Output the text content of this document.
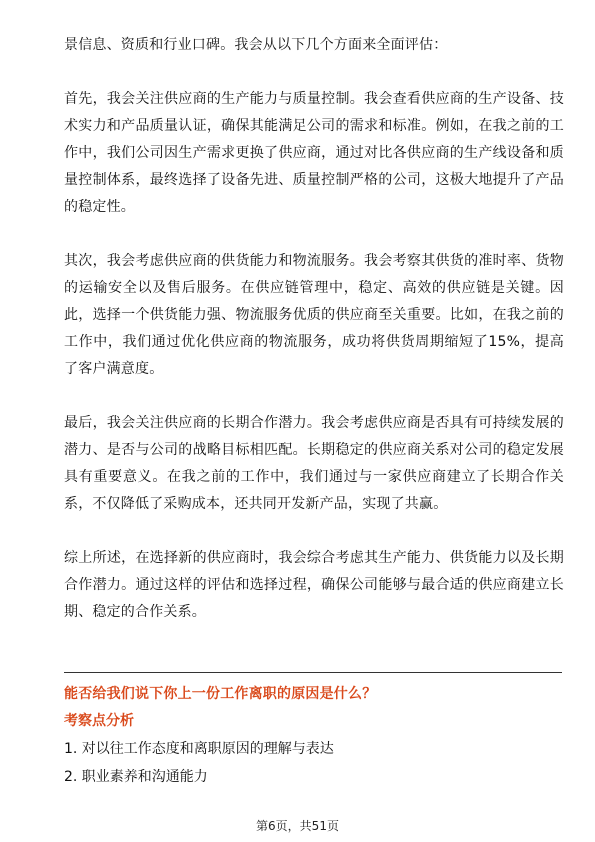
景信息、资质和行业口碑。我会从以下几个方面来全面评估：

首先，我会关注供应商的生产能力与质量控制。我会查看供应商的生产设备、技术实力和产品质量认证，确保其能满足公司的需求和标准。例如，在我之前的工作中，我们公司因生产需求更换了供应商，通过对比各供应商的生产线设备和质量控制体系，最终选择了设备先进、质量控制严格的公司，这极大地提升了产品的稳定性。

其次，我会考虑供应商的供货能力和物流服务。我会考察其供货的准时率、货物的运输安全以及售后服务。在供应链管理中，稳定、高效的供应链是关键。因此，选择一个供货能力强、物流服务优质的供应商至关重要。比如，在我之前的工作中，我们通过优化供应商的物流服务，成功将供货周期缩短了15%，提高了客户满意度。

最后，我会关注供应商的长期合作潜力。我会考虑供应商是否具有可持续发展的潜力、是否与公司的战略目标相匹配。长期稳定的供应商关系对公司的稳定发展具有重要意义。在我之前的工作中，我们通过与一家供应商建立了长期合作关系，不仅降低了采购成本，还共同开发新产品，实现了共赢。

综上所述，在选择新的供应商时，我会综合考虑其生产能力、供货能力以及长期合作潜力。通过这样的评估和选择过程，确保公司能够与最合适的供应商建立长期、稳定的合作关系。

能否给我们说下你上一份工作离职的原因是什么？
考察点分析
1. 对以往工作态度和离职原因的理解与表达
2. 职业素养和沟通能力
第6页，共51页
